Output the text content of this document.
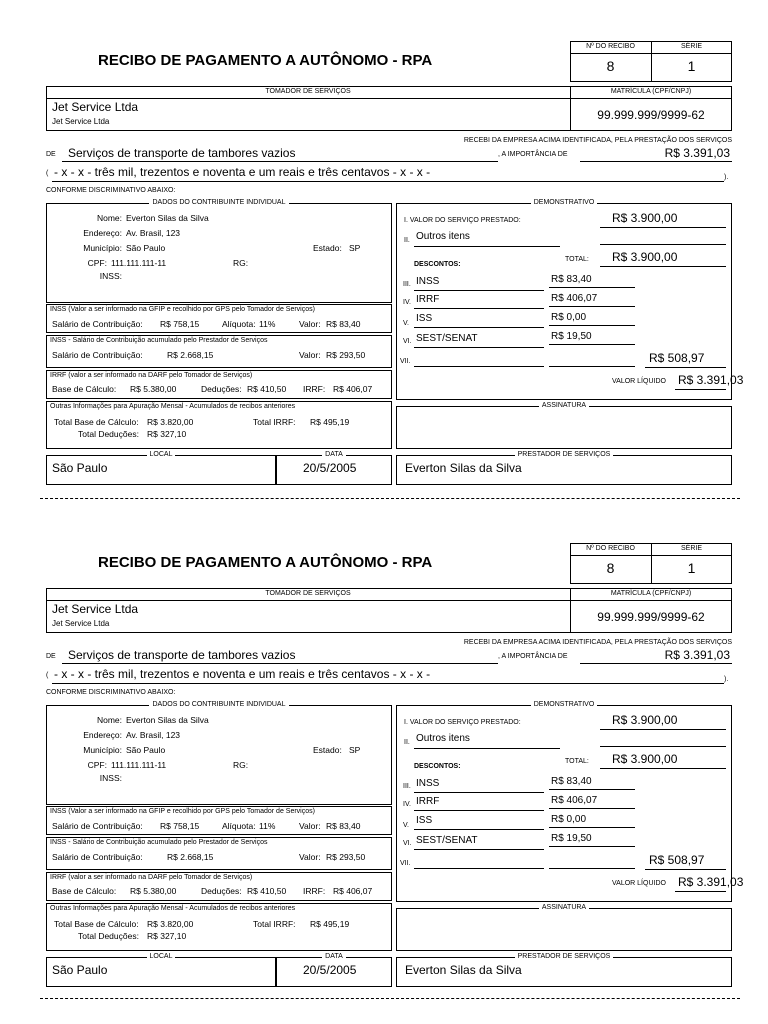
RECIBO DE PAGAMENTO A AUTÔNOMO - RPA
Nº DO RECIBO	SÉRIE
8	1
TOMADOR DE SERVIÇOS	MATRÍCULA (CPF/CNPJ)
Jet Service Ltda
Jet Service Ltda	99.999.999/9999-62
RECEBI DA EMPRESA ACIMA IDENTIFICADA, PELA PRESTAÇÃO DOS SERVIÇOS
DE Serviços de transporte de tambores vazios	, A IMPORTÂNCIA DE	R$ 3.391,03
( - x - x - três mil, trezentos e noventa e um reais e três centavos - x - x -	).
CONFORME DISCRIMINATIVO ABAIXO:
DADOS DO CONTRIBUINTE INDIVIDUAL
Nome: Everton Silas da Silva
Endereço: Av. Brasil, 123
Município: São Paulo	Estado: SP
CPF: 111.111.111-11	RG:
INSS:
INSS (Valor a ser informado na GFIP e recolhido por GPS pelo Tomador de Serviços)
Salário de Contribuição: R$ 758,15	Alíquota: 11%	Valor: R$ 83,40
INSS - Salário de Contribuição acumulado pelo Prestador de Serviços
Salário de Contribuição:	R$ 2.668,15	Valor: R$ 293,50
IRRF (valor a ser informado na DARF pelo Tomador de Serviços)
Base de Cálculo: R$ 5.380,00	Deduções: R$ 410,50 IRRF: R$ 406,07
Outras Informações para Apuração Mensal - Acumulados de recibos anteriores
Total Base de Cálculo: R$ 3.820,00	Total IRRF: R$ 495,19
Total Deduções: R$ 327,10
DEMONSTRATIVO
I. VALOR DO SERVIÇO PRESTADO:	R$ 3.900,00
II. Outros itens
TOTAL: R$ 3.900,00
DESCONTOS:
III. INSS	R$ 83,40
IV. IRRF	R$ 406,07
V. ISS	R$ 0,00
VI. SEST/SENAT	R$ 19,50
VII.	R$ 508,97
VALOR LÍQUIDO R$ 3.391,03
ASSINATURA
LOCAL
São Paulo
DATA
20/5/2005
PRESTADOR DE SERVIÇOS
Everton Silas da Silva
RECIBO DE PAGAMENTO A AUTÔNOMO - RPA
Nº DO RECIBO	SÉRIE
8	1
TOMADOR DE SERVIÇOS	MATRÍCULA (CPF/CNPJ)
Jet Service Ltda
Jet Service Ltda	99.999.999/9999-62
RECEBI DA EMPRESA ACIMA IDENTIFICADA, PELA PRESTAÇÃO DOS SERVIÇOS
DE Serviços de transporte de tambores vazios	, A IMPORTÂNCIA DE	R$ 3.391,03
( - x - x - três mil, trezentos e noventa e um reais e três centavos - x - x -	).
CONFORME DISCRIMINATIVO ABAIXO:
DADOS DO CONTRIBUINTE INDIVIDUAL
Nome: Everton Silas da Silva
Endereço: Av. Brasil, 123
Município: São Paulo	Estado: SP
CPF: 111.111.111-11	RG:
INSS:
INSS (Valor a ser informado na GFIP e recolhido por GPS pelo Tomador de Serviços)
Salário de Contribuição: R$ 758,15	Alíquota: 11%	Valor: R$ 83,40
INSS - Salário de Contribuição acumulado pelo Prestador de Serviços
Salário de Contribuição:	R$ 2.668,15	Valor: R$ 293,50
IRRF (valor a ser informado na DARF pelo Tomador de Serviços)
Base de Cálculo: R$ 5.380,00	Deduções: R$ 410,50 IRRF: R$ 406,07
Outras Informações para Apuração Mensal - Acumulados de recibos anteriores
Total Base de Cálculo: R$ 3.820,00	Total IRRF: R$ 495,19
Total Deduções: R$ 327,10
DEMONSTRATIVO
I. VALOR DO SERVIÇO PRESTADO:	R$ 3.900,00
II. Outros itens
TOTAL: R$ 3.900,00
DESCONTOS:
III. INSS	R$ 83,40
IV. IRRF	R$ 406,07
V. ISS	R$ 0,00
VI. SEST/SENAT	R$ 19,50
VII.	R$ 508,97
VALOR LÍQUIDO R$ 3.391,03
ASSINATURA
LOCAL
São Paulo
DATA
20/5/2005
PRESTADOR DE SERVIÇOS
Everton Silas da Silva
